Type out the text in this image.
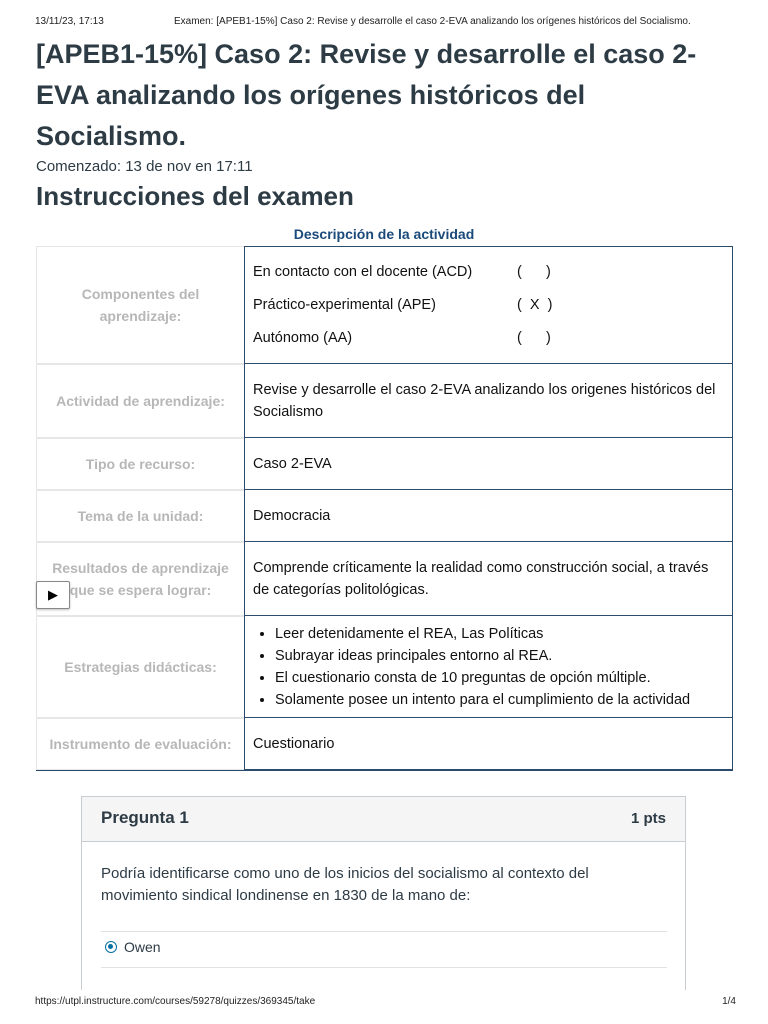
13/11/23, 17:13	Examen: [APEB1-15%] Caso 2: Revise y desarrolle el caso 2-EVA analizando los orígenes históricos del Socialismo.
[APEB1-15%] Caso 2: Revise y desarrolle el caso 2-EVA analizando los orígenes históricos del Socialismo.
Comenzado: 13 de nov en 17:11
Instrucciones del examen
Descripción de la actividad
Componentes del aprendizaje:
En contacto con el docente (ACD)	(      )
Práctico-experimental (APE)	(  X  )
Autónomo (AA)	(      )
Actividad de aprendizaje:
Revise y desarrolle el caso 2-EVA analizando los origenes históricos del Socialismo
Tipo de recurso:	Caso 2-EVA
Tema de la unidad:	Democracia
Resultados de aprendizaje que se espera lograr:
Comprende críticamente la realidad como construcción social, a través de categorías politológicas.
Estrategias didácticas:
• Leer detenidamente el REA, Las Políticas
• Subrayar ideas principales entorno al REA.
• El cuestionario consta de 10 preguntas de opción múltiple.
• Solamente posee un intento para el cumplimiento de la actividad
Instrumento de evaluación:	Cuestionario
▶
Pregunta 1	1 pts
Podría identificarse como uno de los inicios del socialismo al contexto del movimiento sindical londinense en 1830 de la mano de:
Owen
https://utpl.instructure.com/courses/59278/quizzes/369345/take	1/4
